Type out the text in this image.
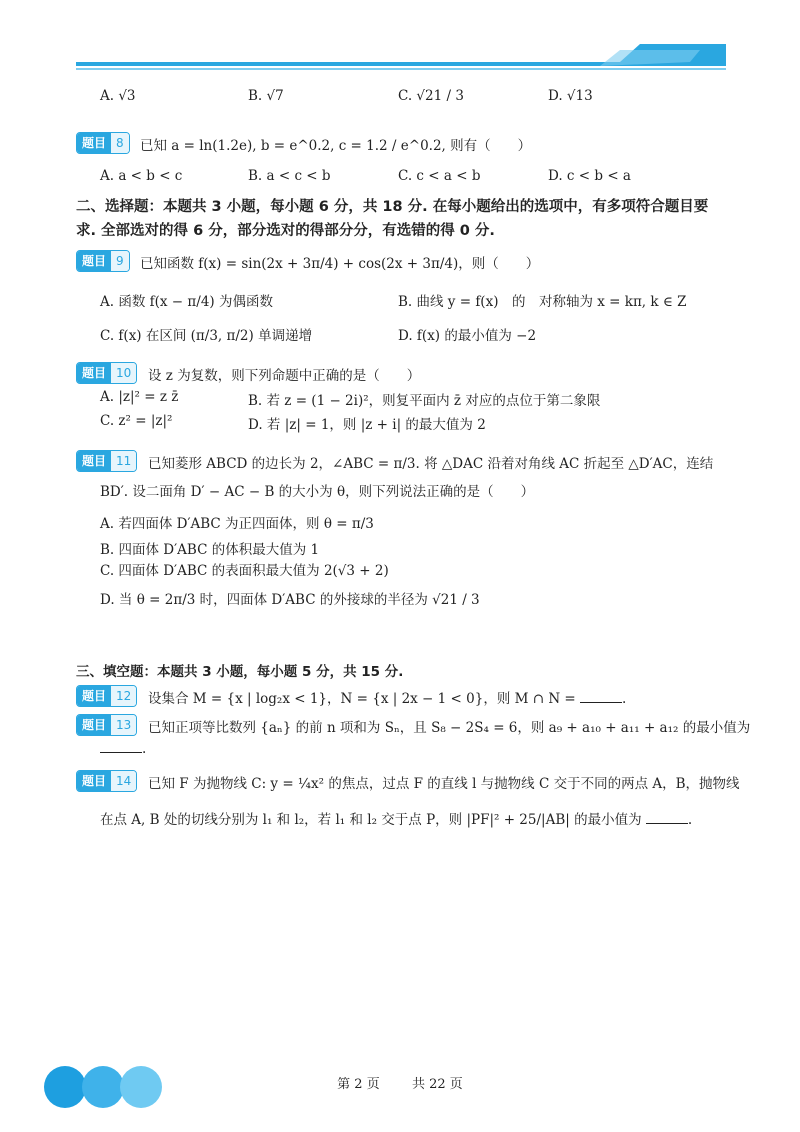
A. √3	B. √7	C. √21 / 3	D. √13
题目 8	已知 a = ln(1.2e), b = e^0.2, c = 1.2 / e^0.2, 则有（　　）
A. a < b < c	B. a < c < b	C. c < a < b	D. c < b < a
二、选择题：本题共 3 小题，每小题 6 分，共 18 分. 在每小题给出的选项中，有多项符合题目要
求. 全部选对的得 6 分，部分选对的得部分分，有选错的得 0 分.
题目 9	已知函数 f(x) = sin(2x + 3π/4) + cos(2x + 3π/4)，则（　　）
A. 函数 f(x − π/4) 为偶函数	B. 曲线 y = f(x)　的　对称轴为 x = kπ, k ∈ Z
C. f(x) 在区间 (π/3, π/2) 单调递增	D. f(x) 的最小值为 −2
题目 10	设 z 为复数，则下列命题中正确的是（　　）
A. |z|² = z z̄	B. 若 z = (1 − 2i)²，则复平面内 z̄ 对应的点位于第二象限
C. z² = |z|²	D. 若 |z| = 1，则 |z + i| 的最大值为 2
题目 11	已知菱形 ABCD 的边长为 2，∠ABC = π/3. 将 △DAC 沿着对角线 AC 折起至 △D′AC，连结
BD′. 设二面角 D′ − AC − B 的大小为 θ，则下列说法正确的是（　　）
A. 若四面体 D′ABC 为正四面体，则 θ = π/3
B. 四面体 D′ABC 的体积最大值为 1
C. 四面体 D′ABC 的表面积最大值为 2(√3 + 2)
D. 当 θ = 2π/3 时，四面体 D′ABC 的外接球的半径为 √21 / 3
三、填空题：本题共 3 小题，每小题 5 分，共 15 分.
题目 12	设集合 M = {x | log₂x < 1}，N = {x | 2x − 1 < 0}，则 M ∩ N =	.
题目 13	已知正项等比数列 {aₙ} 的前 n 项和为 Sₙ，且 S₈ − 2S₄ = 6，则 a₉ + a₁₀ + a₁₁ + a₁₂ 的最小值为
.
题目 14	已知 F 为抛物线 C: y = ¼x² 的焦点，过点 F 的直线 l 与抛物线 C 交于不同的两点 A，B，抛物线
在点 A, B 处的切线分别为 l₁ 和 l₂，若 l₁ 和 l₂ 交于点 P，则 |PF|² + 25/|AB| 的最小值为	.
第 2 页 共 22 页
